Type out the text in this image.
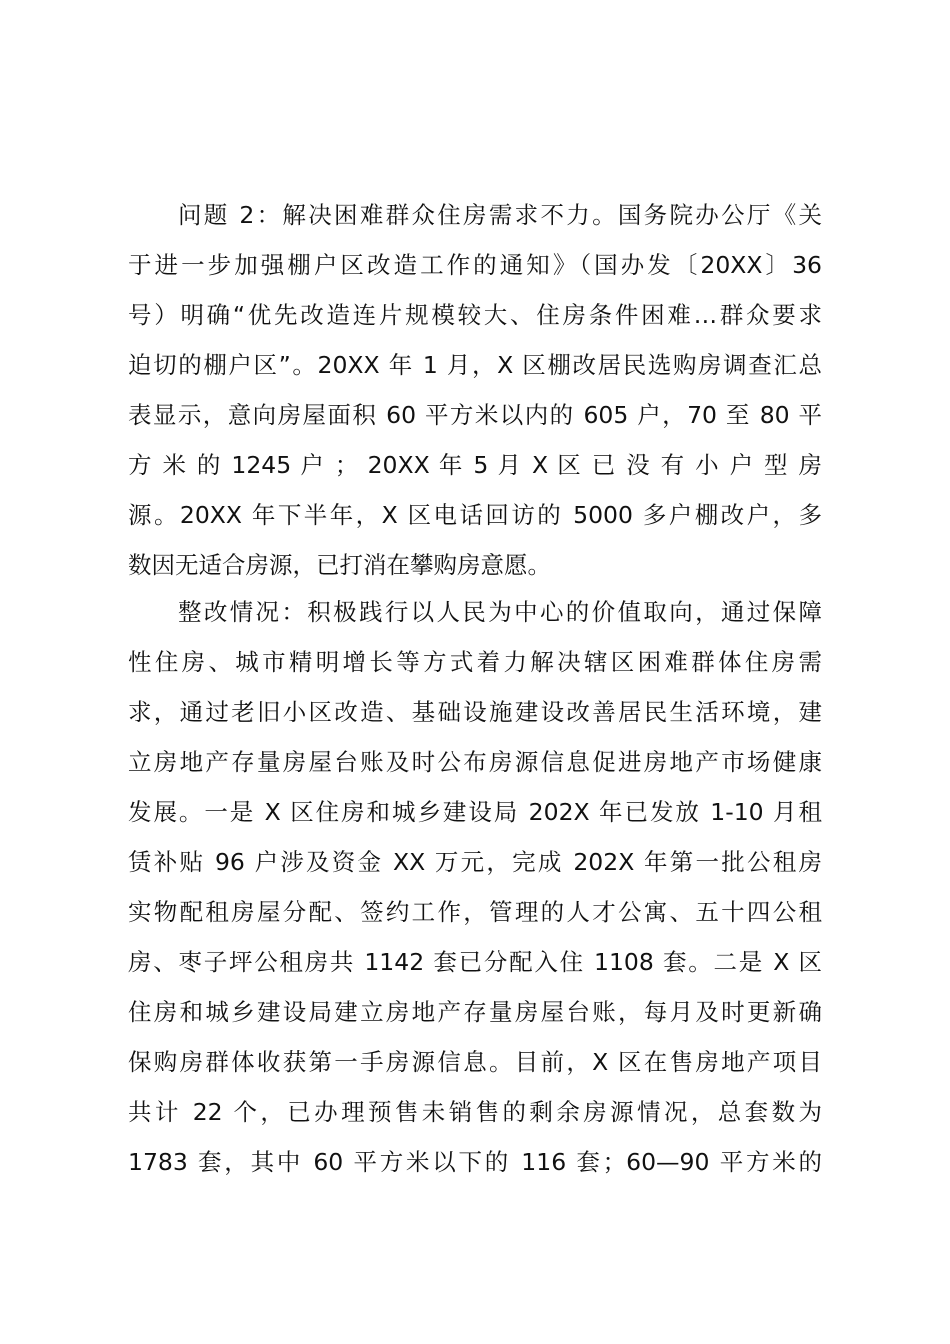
问题 2：解决困难群众住房需求不力。国务院办公厅《关
于进一步加强棚户区改造工作的通知》（国办发〔20XX〕36
号）明确“优先改造连片规模较大、住房条件困难…群众要求
迫切的棚户区”。20XX 年 1 月，X 区棚改居民选购房调查汇总
表显示，意向房屋面积 60 平方米以内的 605 户，70 至 80 平
方 米 的 1245 户 ； 20XX 年 5 月 X 区 已 没 有 小 户 型 房
源。20XX 年下半年，X 区电话回访的 5000 多户棚改户，多
数因无适合房源，已打消在攀购房意愿。
整改情况：积极践行以人民为中心的价值取向，通过保障
性住房、城市精明增长等方式着力解决辖区困难群体住房需
求，通过老旧小区改造、基础设施建设改善居民生活环境，建
立房地产存量房屋台账及时公布房源信息促进房地产市场健康
发展。一是 X 区住房和城乡建设局 202X 年已发放 1-10 月租
赁补贴 96 户涉及资金 XX 万元，完成 202X 年第一批公租房
实物配租房屋分配、签约工作，管理的人才公寓、五十四公租
房、枣子坪公租房共 1142 套已分配入住 1108 套。二是 X 区
住房和城乡建设局建立房地产存量房屋台账，每月及时更新确
保购房群体收获第一手房源信息。目前，X 区在售房地产项目
共计 22 个，已办理预售未销售的剩余房源情况，总套数为
1783 套，其中 60 平方米以下的 116 套；60—90 平方米的
